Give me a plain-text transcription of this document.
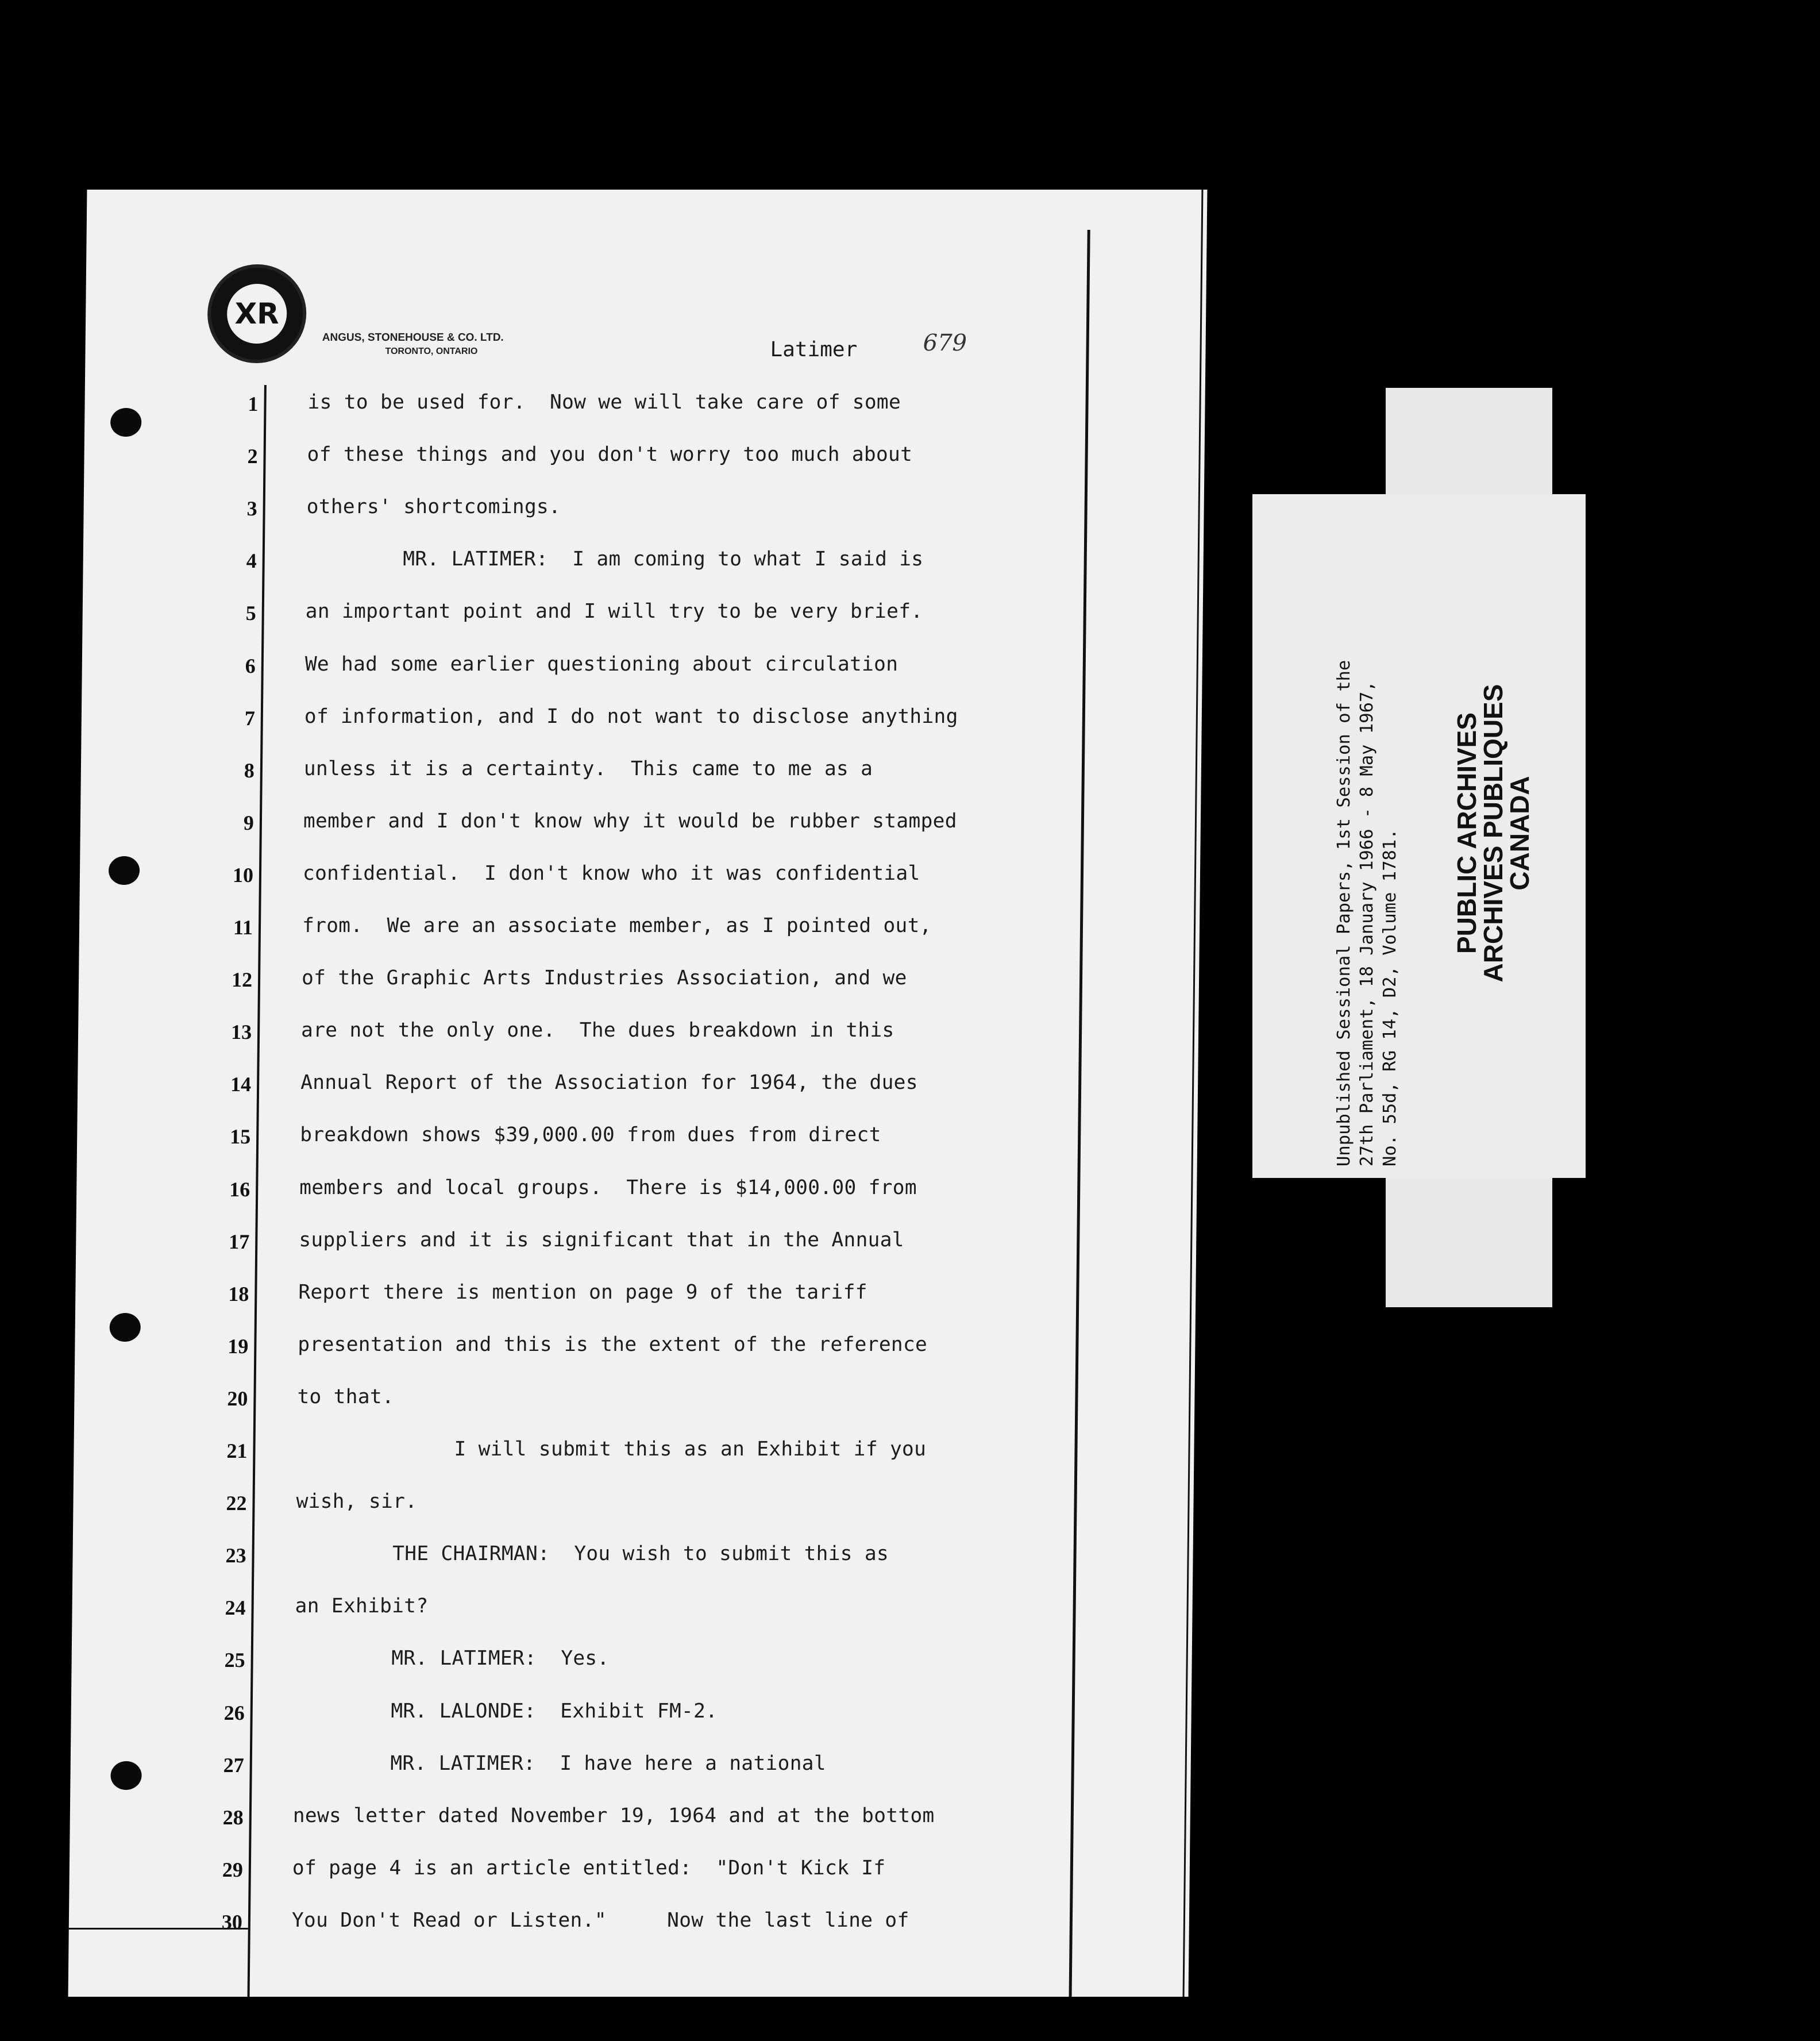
XR
ANGUS, STONEHOUSE & CO. LTD.
TORONTO, ONTARIO	Latimer	679
1 is to be used for.  Now we will take care of some
2 of these things and you don't worry too much about
3 others' shortcomings.
4 MR. LATIMER:  I am coming to what I said is
5 an important point and I will try to be very brief.
6 We had some earlier questioning about circulation
7 of information, and I do not want to disclose anything
8 unless it is a certainty.  This came to me as a
9 member and I don't know why it would be rubber stamped
10 confidential.  I don't know who it was confidential
11 from.  We are an associate member, as I pointed out,
12 of the Graphic Arts Industries Association, and we
13 are not the only one.  The dues breakdown in this
14 Annual Report of the Association for 1964, the dues
15 breakdown shows $39,000.00 from dues from direct
16 members and local groups.  There is $14,000.00 from
17 suppliers and it is significant that in the Annual
18 Report there is mention on page 9 of the tariff
19 presentation and this is the extent of the reference
20 to that.
21 I will submit this as an Exhibit if you
22 wish, sir.
23 THE CHAIRMAN:  You wish to submit this as
24 an Exhibit?
25 MR. LATIMER:  Yes.
26 MR. LALONDE:  Exhibit FM-2.
27 MR. LATIMER:  I have here a national
28 news letter dated November 19, 1964 and at the bottom
29 of page 4 is an article entitled:  "Don't Kick If
30 You Don't Read or Listen."     Now the last line of
Unpublished Sessional Papers, 1st Session of the 27th Parliament, 18 January 1966 - 8 May 1967, No. 55d, RG 14, D2, Volume 1781. PUBLIC ARCHIVES
ARCHIVES PUBLIQUES
CANADA
